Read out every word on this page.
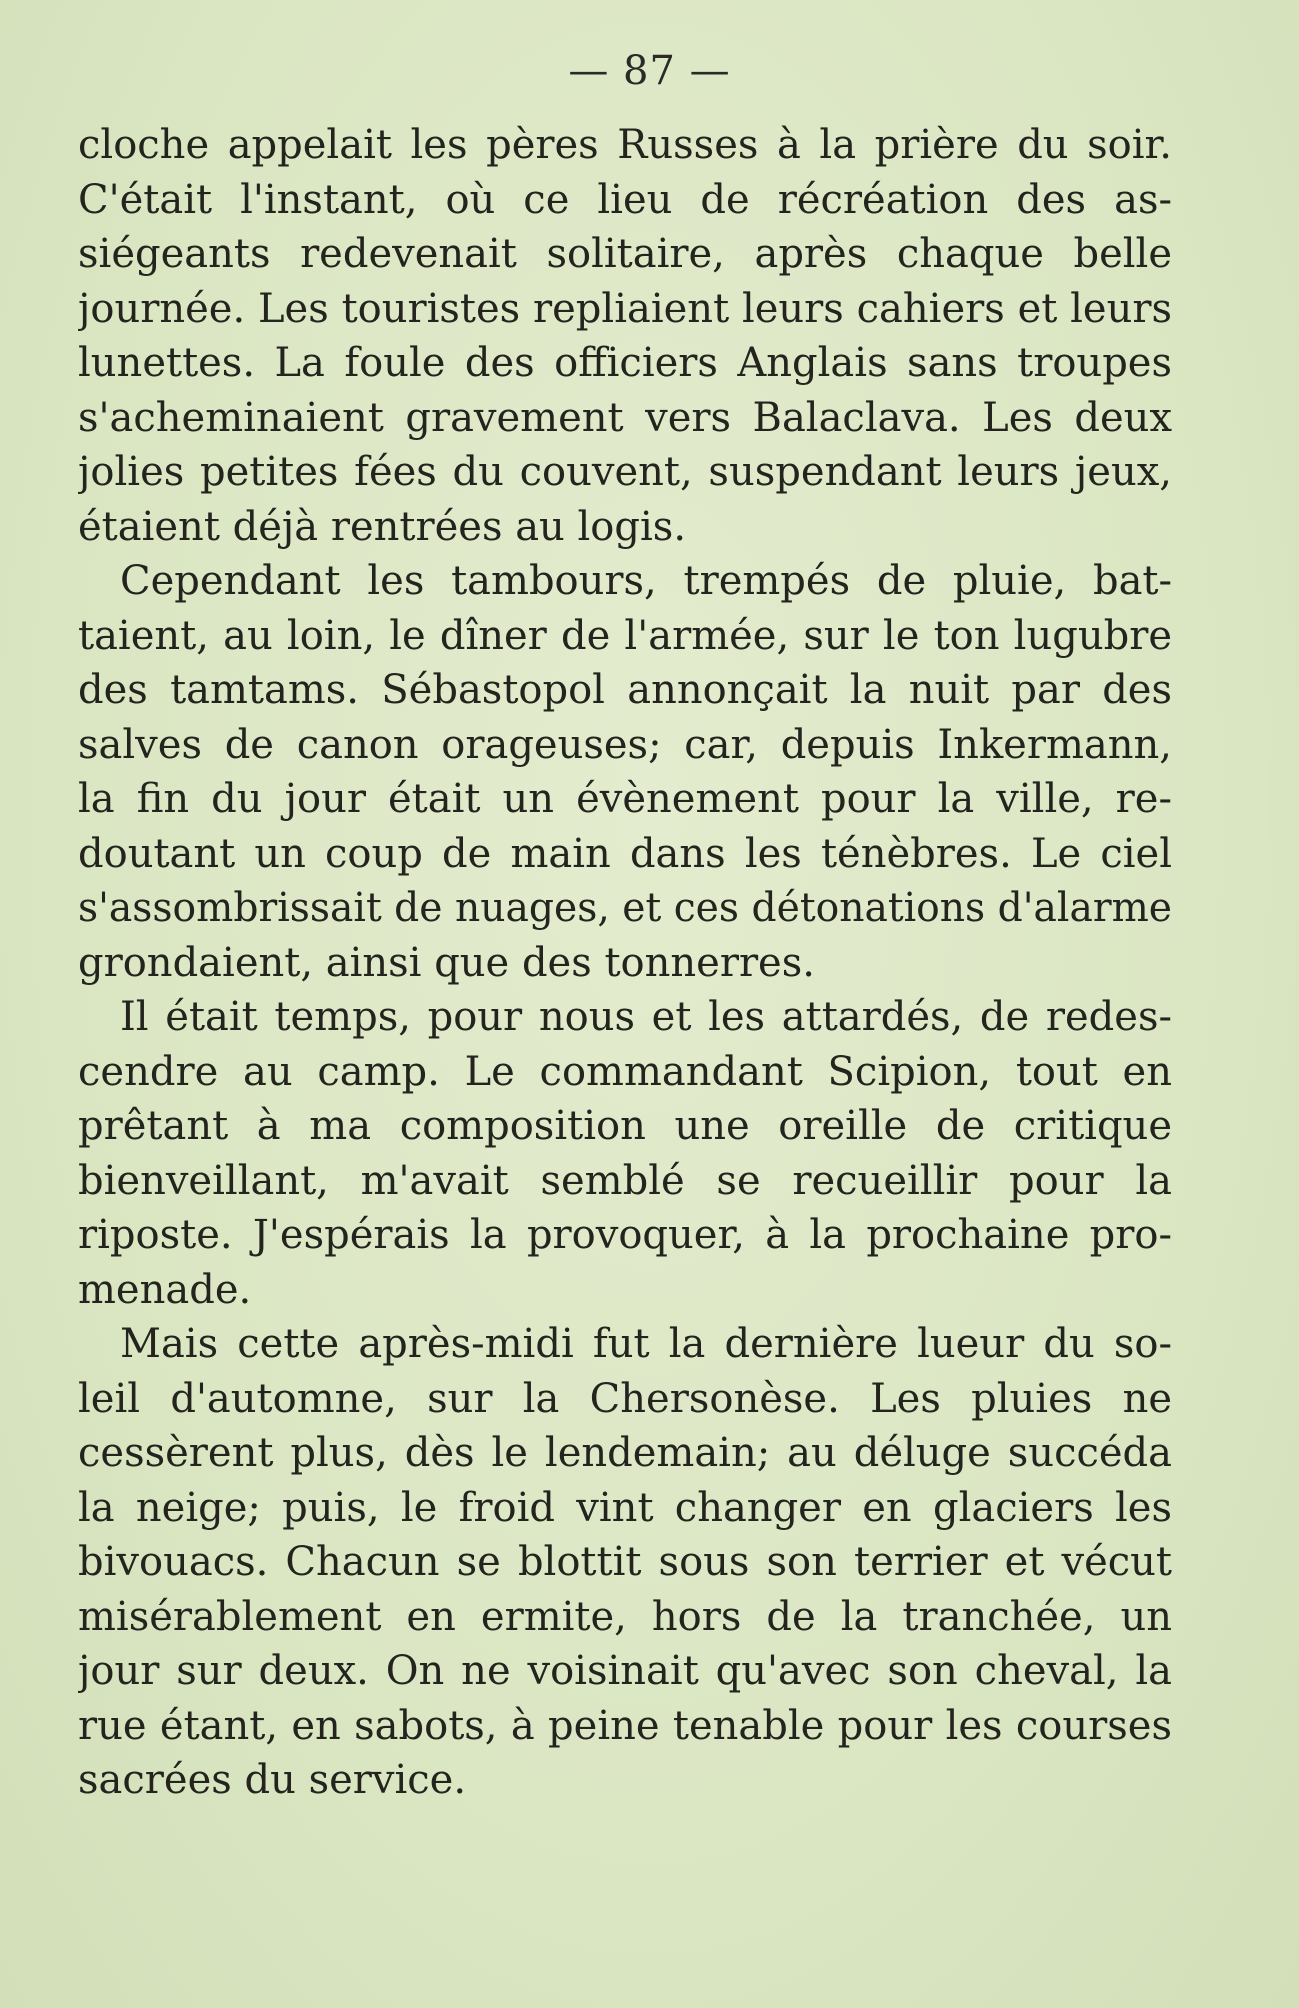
— 87 —
cloche appelait les pères Russes à la prière du soir.
C'était l'instant, où ce lieu de récréation des as-
siégeants redevenait solitaire, après chaque belle
journée. Les touristes repliaient leurs cahiers et leurs
lunettes. La foule des officiers Anglais sans troupes
s'acheminaient gravement vers Balaclava. Les deux
jolies petites fées du couvent, suspendant leurs jeux,
étaient déjà rentrées au logis.
Cependant les tambours, trempés de pluie, bat-
taient, au loin, le dîner de l'armée, sur le ton lugubre
des tamtams. Sébastopol annonçait la nuit par des
salves de canon orageuses; car, depuis Inkermann,
la fin du jour était un évènement pour la ville, re-
doutant un coup de main dans les ténèbres. Le ciel
s'assombrissait de nuages, et ces détonations d'alarme
grondaient, ainsi que des tonnerres.
Il était temps, pour nous et les attardés, de redes-
cendre au camp. Le commandant Scipion, tout en
prêtant à ma composition une oreille de critique
bienveillant, m'avait semblé se recueillir pour la
riposte. J'espérais la provoquer, à la prochaine pro-
menade.
Mais cette après-midi fut la dernière lueur du so-
leil d'automne, sur la Chersonèse. Les pluies ne
cessèrent plus, dès le lendemain; au déluge succéda
la neige; puis, le froid vint changer en glaciers les
bivouacs. Chacun se blottit sous son terrier et vécut
misérablement en ermite, hors de la tranchée, un
jour sur deux. On ne voisinait qu'avec son cheval, la
rue étant, en sabots, à peine tenable pour les courses
sacrées du service.
